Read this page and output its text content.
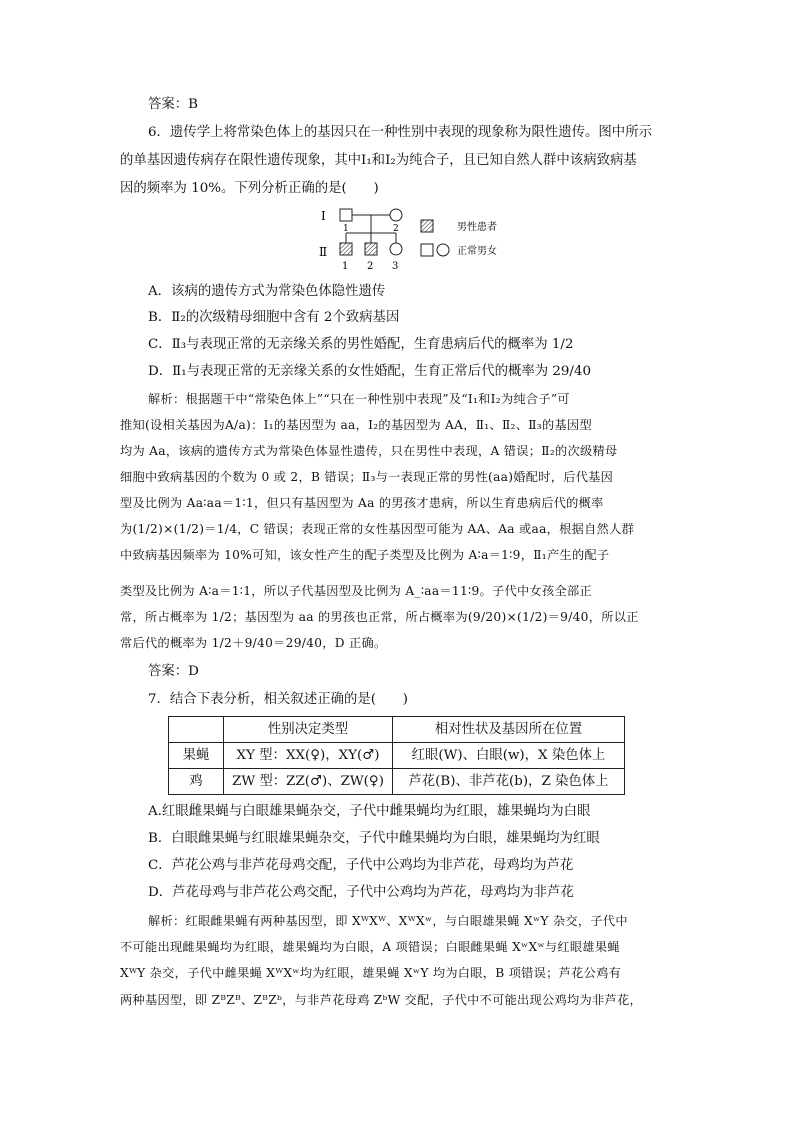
答案：B
6．遗传学上将常染色体上的基因只在一种性别中表现的现象称为限性遗传。图中所示
的单基因遗传病存在限性遗传现象，其中Ⅰ₁和Ⅰ₂为纯合子，且已知自然人群中该病致病基
因的频率为 10%。下列分析正确的是(　　)
Ⅰ
Ⅱ
1	2
1 2 3
男性患者
正常男女
A．该病的遗传方式为常染色体隐性遗传
B．Ⅱ₂的次级精母细胞中含有 2个致病基因
C．Ⅱ₃与表现正常的无亲缘关系的男性婚配，生育患病后代的概率为 1/2
D．Ⅱ₁与表现正常的无亲缘关系的女性婚配，生育正常后代的概率为 29/40
解析：根据题干中“常染色体上”“只在一种性别中表现”及“Ⅰ₁和Ⅰ₂为纯合子”可
推知(设相关基因为A/a)：Ⅰ₁的基因型为 aa，Ⅰ₂的基因型为 AA，Ⅱ₁、Ⅱ₂、Ⅱ₃的基因型
均为 Aa，该病的遗传方式为常染色体显性遗传，只在男性中表现，A 错误；Ⅱ₂的次级精母
细胞中致病基因的个数为 0 或 2，B 错误；Ⅱ₃与一表现正常的男性(aa)婚配时，后代基因
型及比例为 Aa∶aa＝1∶1，但只有基因型为 Aa 的男孩才患病，所以生育患病后代的概率
为(1/2)×(1/2)＝1/4，C 错误；表现正常的女性基因型可能为 AA、Aa 或aa，根据自然人群
中致病基因频率为 10%可知，该女性产生的配子类型及比例为 A∶a＝1∶9，Ⅱ₁产生的配子
类型及比例为 A∶a＝1∶1，所以子代基因型及比例为 A_∶aa＝11∶9。子代中女孩全部正
常，所占概率为 1/2；基因型为 aa 的男孩也正常，所占概率为(9/20)×(1/2)＝9/40，所以正
常后代的概率为 1/2＋9/40＝29/40，D 正确。
答案：D
7．结合下表分析，相关叙述正确的是(　　)
	性别决定类型	相对性状及基因所在位置
果蝇	XY 型：XX(♀)，XY(♂)	红眼(W)、白眼(w)，X 染色体上
鸡	ZW 型：ZZ(♂)、ZW(♀)	芦花(B)、非芦花(b)，Z 染色体上
A.红眼雌果蝇与白眼雄果蝇杂交，子代中雌果蝇均为红眼，雄果蝇均为白眼
B．白眼雌果蝇与红眼雄果蝇杂交，子代中雌果蝇均为白眼，雄果蝇均为红眼
C．芦花公鸡与非芦花母鸡交配，子代中公鸡均为非芦花，母鸡均为芦花
D．芦花母鸡与非芦花公鸡交配，子代中公鸡均为芦花，母鸡均为非芦花
解析：红眼雌果蝇有两种基因型，即 XᵂXᵂ、XᵂXʷ，与白眼雄果蝇 XʷY 杂交，子代中
不可能出现雌果蝇均为红眼，雄果蝇均为白眼，A 项错误；白眼雌果蝇 XʷXʷ与红眼雄果蝇
XᵂY 杂交，子代中雌果蝇 XᵂXʷ均为红眼，雄果蝇 XʷY 均为白眼，B 项错误；芦花公鸡有
两种基因型，即 ZᴮZᴮ、ZᴮZᵇ，与非芦花母鸡 ZᵇW 交配，子代中不可能出现公鸡均为非芦花，
